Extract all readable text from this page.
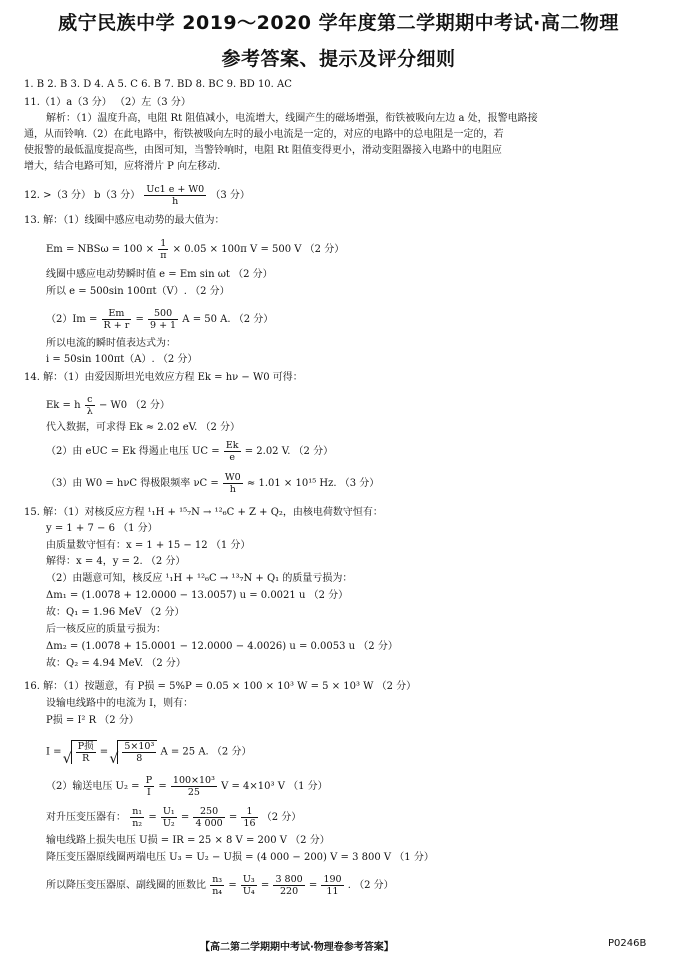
威宁民族中学 2019～2020 学年度第二学期期中考试·高二物理
参考答案、提示及评分细则
1. B 2. B 3. D 4. A 5. C 6. B 7. BD 8. BC 9. BD 10. AC
11.（1）a（3 分） （2）左（3 分）
解析：（1）温度升高，电阻 Rt 阻值减小，电流增大，线圈产生的磁场增强，衔铁被吸向左边 a 处，报警电路接
通，从而铃响.（2）在此电路中，衔铁被吸向左时的最小电流是一定的，对应的电路中的总电阻是一定的，若
使报警的最低温度提高些，由图可知，当警铃响时，电阻 Rt 阻值变得更小，滑动变阻器接入电路中的电阻应
增大，结合电路可知，应将滑片 P 向左移动.
12. >（3 分） b（3 分） $\frac{Uc1 e + W0}{h} (3$ 分）
13. 解：（1）线圈中感应电动势的最大值为：
$Em = NBS\omega = 100 \times \frac{1}{\pi} \times 0.05 \times 100\pi$ V = 500 V （2 分）
线圈中感应电动势瞬时值 e = Em sin ωt （2 分）
所以 e = 500sin 100πt（V）. （2 分）
$(2)Im = \frac{Em}{R + r} = \frac{500}{9 + 1}$ A = 50 A. （2 分）
所以电流的瞬时值表达式为：
i = 50sin 100πt（A）. （2 分）
14. 解：（1）由爱因斯坦光电效应方程 Ek = hν − W0 可得：
Ek = h $\frac{c}{\lambda} - W0$ （2 分）
代入数据，可求得 Ek ≈ 2.02 eV. （2 分）
（2）由 eUC = Ek 得遏止电压 UC = $\frac{Ek}{e} = 2.02$ V. （2 分）
（3）由 W0 = hνC 得极限频率 $\nu C = \frac{W0}{h} \approx 1.01 \times 10^{15}$ Hz. （3 分）
15. 解：（1）对核反应方程 ¹₁H + ¹⁵₇N → ¹²₆C + Z + Q₂，由核电荷数守恒有：
y = 1 + 7 − 6 （1 分）
由质量数守恒有：x = 1 + 15 − 12 （1 分）
解得：x = 4，y = 2. （2 分）
（2）由题意可知，核反应 ¹₁H + ¹²₆C → ¹³₇N + Q₁ 的质量亏损为：
Δm₁ = (1.0078 + 12.0000 − 13.0057) u = 0.0021 u （2 分）
故：Q₁ = 1.96 MeV （2 分）
后一核反应的质量亏损为：
Δm₂ = (1.0078 + 15.0001 − 12.0000 − 4.0026) u = 0.0053 u （2 分）
故：Q₂ = 4.94 MeV. （2 分）
16. 解：（1）按题意，有 P损 = 5%P = 0.05 × 100 × 10³ W = 5 × 10³ W （2 分）
设输电线路中的电流为 I，则有：
P损 = I² R （2 分）
I = √ P损
R
= √ $\frac{\text{5×10³}}{8}$ A = 25 A. （2 分）
（2）输送电压 $U_2 = \frac{P}{I} = \frac{\text{100×10³}}{25}$ V = 4×10³ V （1 分）
对升压变压器有： $\frac{\text{n₁}}{\text{n₂}} = \frac{\text{U₁}}{\text{U₂}} = \frac{250}{4 000} = \frac{1}{16} (2$ 分）
输电线路上损失电压 U损 = IR = 25 × 8 V = 200 V （2 分）
降压变压器原线圈两端电压 U₃ = U₂ − U损 = (4 000 − 200) V = 3 800 V （1 分）
所以降压变压器原、副线圈的匝数比 $\frac{\text{n₃}}{\text{n₄}} = \frac{\text{U₃}}{\text{U₄}} = \frac{3 800}{220} = \frac{190}{11}$ . （2 分）
【高二第二学期期中考试·物理卷参考答案】	P0246B
